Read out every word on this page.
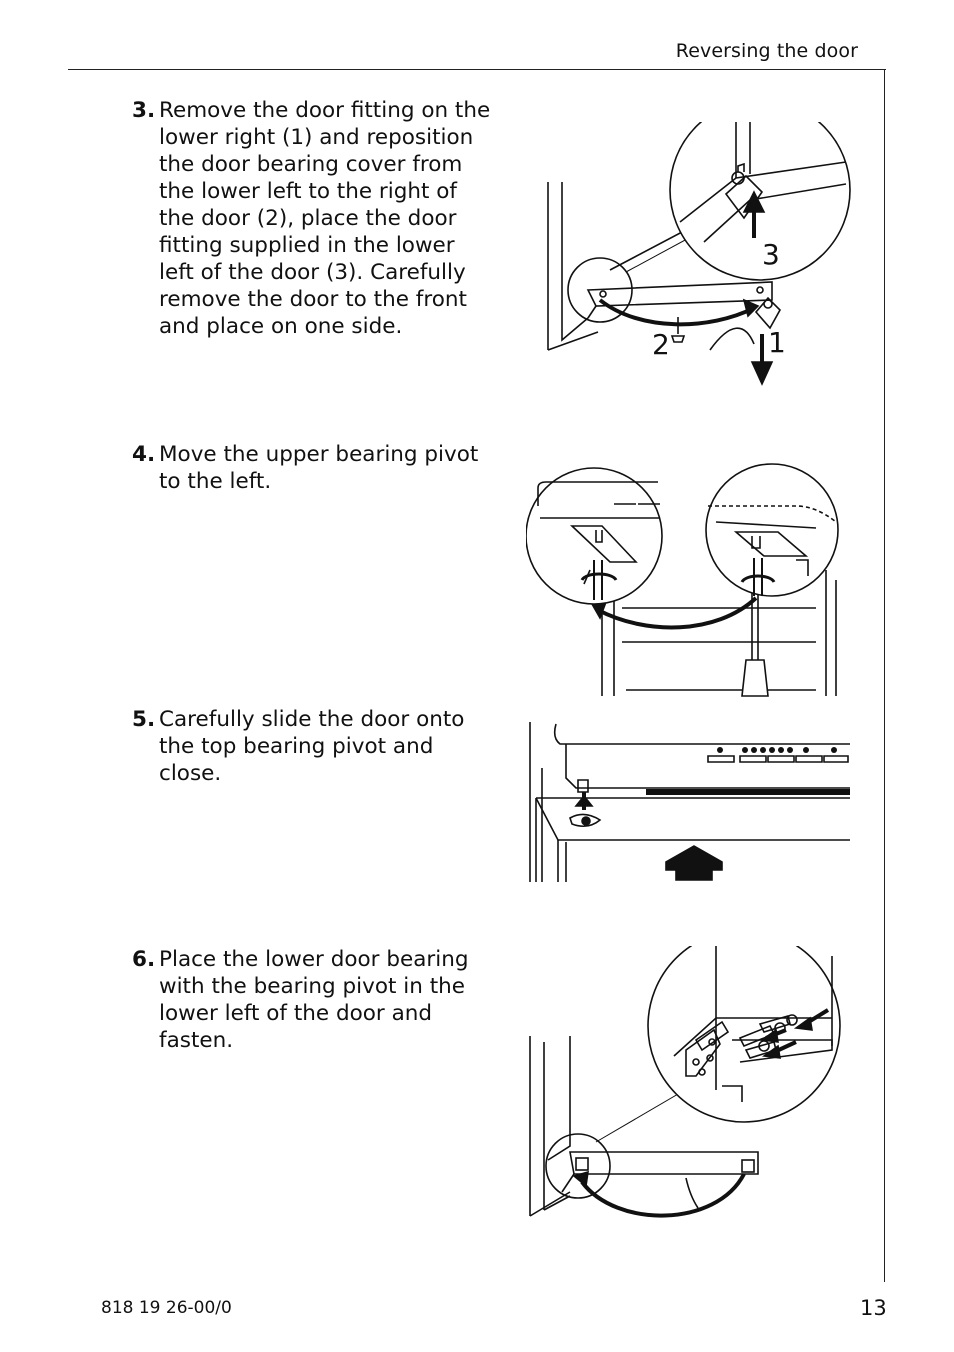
Reversing the door
3. Remove the door fitting on the lower right (1) and reposition the door bearing cover from the lower left to the right of the door (2), place the door fitting supplied in the lower left of the door (3). Carefully remove the door to the front and place on one side.
4. Move the upper bearing pivot to the left.
5. Carefully slide the door onto the top bearing pivot and close.
6. Place the lower door bearing with the bearing pivot in the lower left of the door and fasten.
1
2
3
818 19 26-00/0	13
